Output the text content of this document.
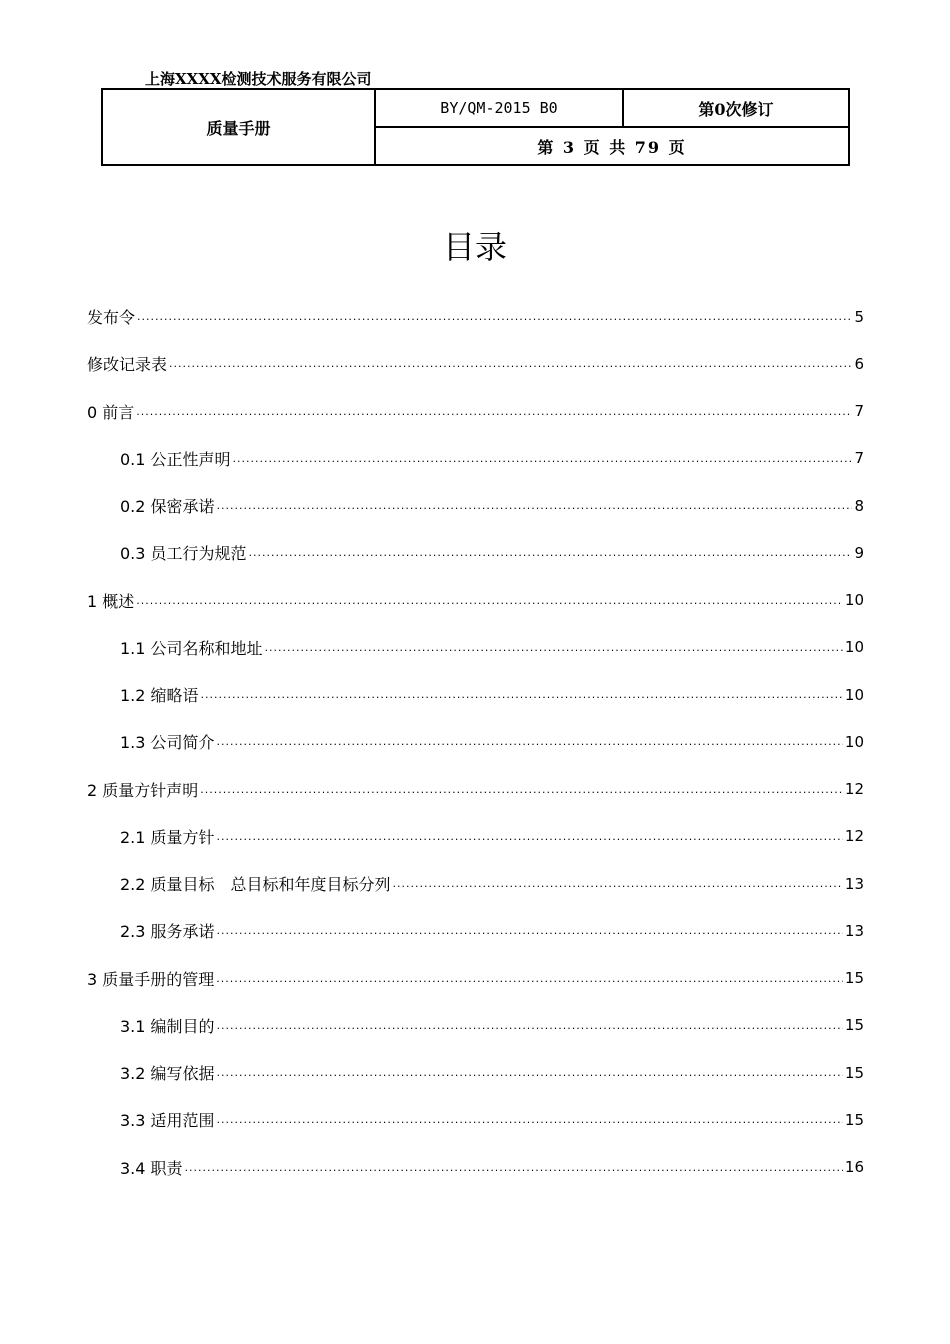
上海XXXX检测技术服务有限公司
质量手册	BY/QM-2015 B0	第0次修订
第 3 页 共 79 页
目录
发布令 .....	5
修改记录表 .....	6
0 前言 .....	7
0.1 公正性声明 .....	7
0.2 保密承诺 .....	8
0.3 员工行为规范 .....	9
1 概述 .....	10
1.1 公司名称和地址 .....	10
1.2 缩略语 .....	10
1.3 公司简介 .....	10
2 质量方针声明 .....	12
2.1 质量方针 .....	12
2.2 质量目标　总目标和年度目标分列 .....	13
2.3 服务承诺 .....	13
3 质量手册的管理 .....	15
3.1 编制目的 .....	15
3.2 编写依据 .....	15
3.3 适用范围 .....	15
3.4 职责 .....	16
